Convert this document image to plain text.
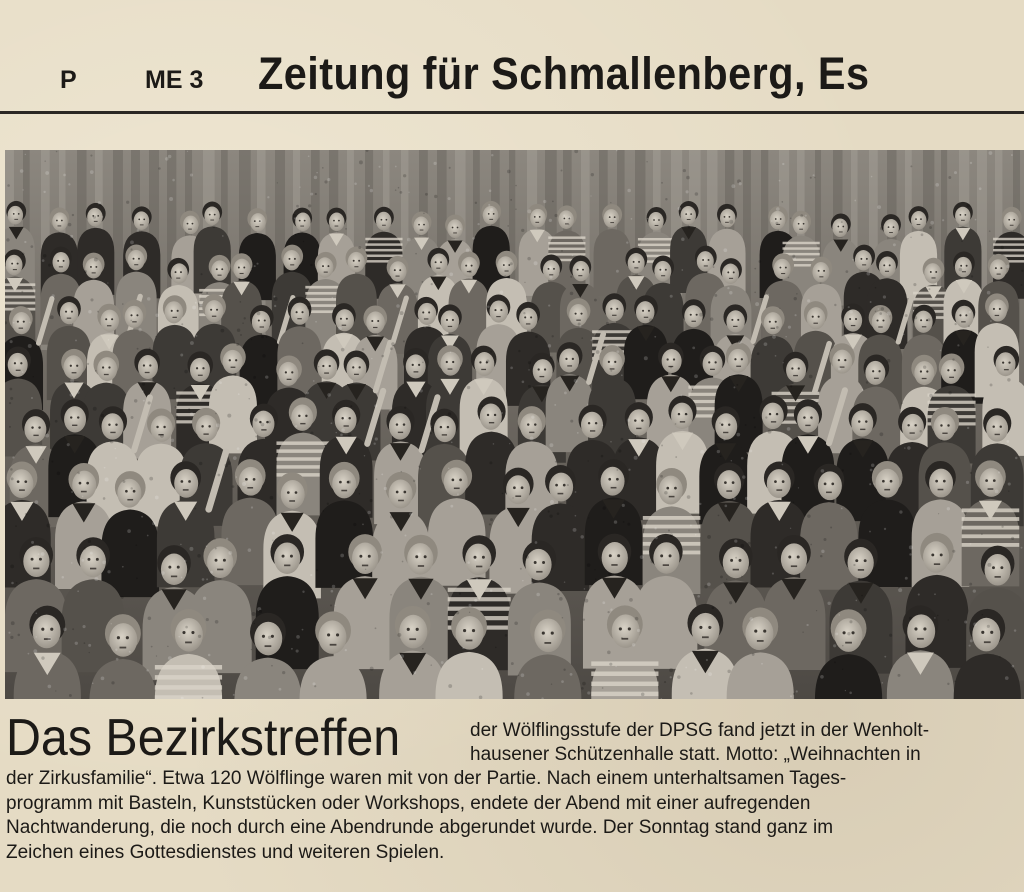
P	ME 3 Zeitung für Schmallenberg, Es
Das Bezirkstreffen	der Wölflingsstufe der DPSG fand jetzt in der Wenholt-
hausener Schützenhalle statt. Motto: „Weihnachten in
der Zirkusfamilie“. Etwa 120 Wölflinge waren mit von der Partie. Nach einem unterhaltsamen Tages-
programm mit Basteln, Kunststücken oder Workshops, endete der Abend mit einer aufregenden
Nachtwanderung, die noch durch eine Abendrunde abgerundet wurde. Der Sonntag stand ganz im
Zeichen eines Gottesdienstes und weiteren Spielen.
